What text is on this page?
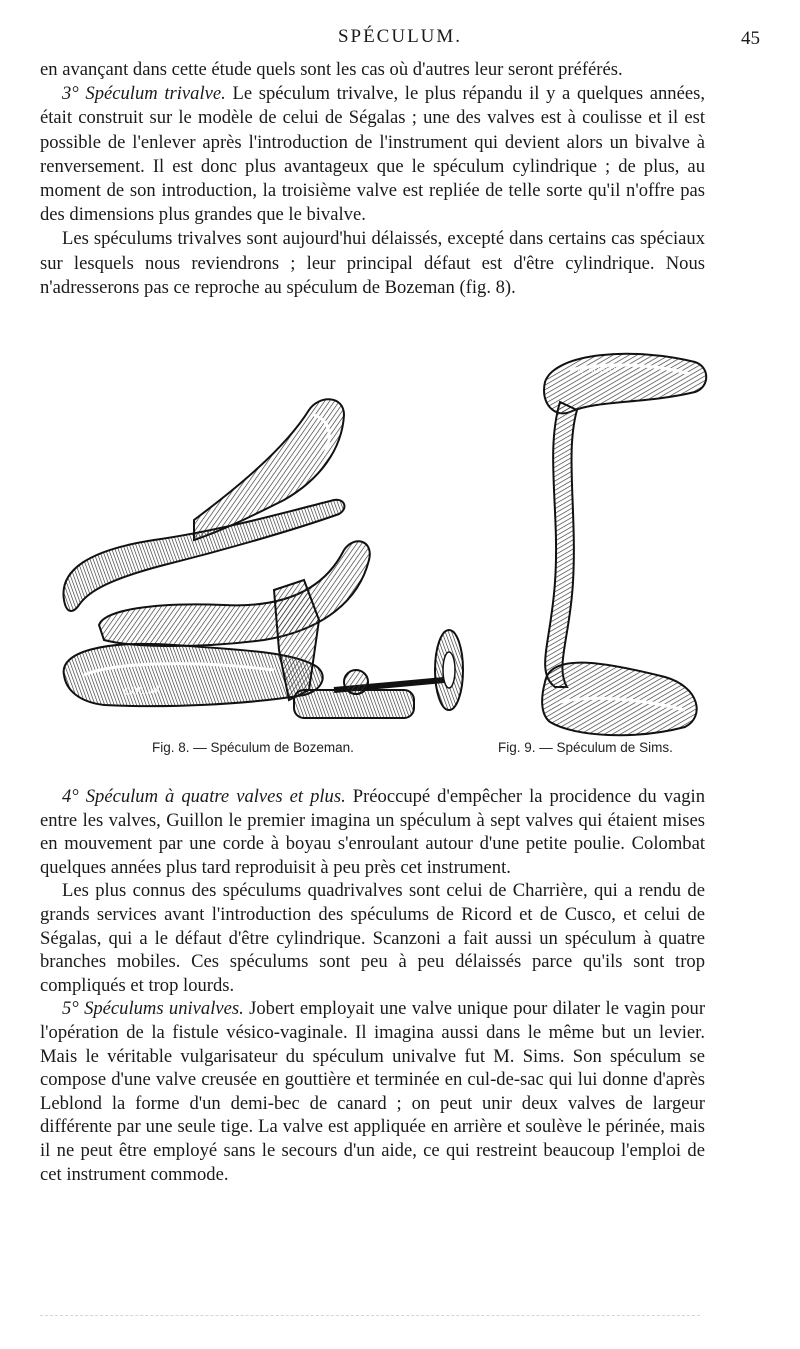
SPÉCULUM.	45

en avançant dans cette étude quels sont les cas où d'autres leur seront préférés.

3° Spéculum trivalve. Le spéculum trivalve, le plus répandu il y a quelques années, était construit sur le modèle de celui de Ségalas ; une des valves est à coulisse et il est possible de l'enlever après l'introduction de l'instrument qui devient alors un bivalve à renversement. Il est donc plus avantageux que le spéculum cylindrique ; de plus, au moment de son introduction, la troisième valve est repliée de telle sorte qu'il n'offre pas des dimensions plus grandes que le bivalve.

Les spéculums trivalves sont aujourd'hui délaissés, excepté dans certains cas spéciaux sur lesquels nous reviendrons ; leur principal défaut est d'être cylindrique. Nous n'adresserons pas ce reproche au spéculum de Bozeman (fig. 8).

COLLIN
Fig. 8. — Spéculum de Bozeman.
A. AUBRY
Fig. 9. — Spéculum de Sims.

4° Spéculum à quatre valves et plus. Préoccupé d'empêcher la procidence du vagin entre les valves, Guillon le premier imagina un spéculum à sept valves qui étaient mises en mouvement par une corde à boyau s'enroulant autour d'une petite poulie. Colombat quelques années plus tard reproduisit à peu près cet instrument.

Les plus connus des spéculums quadrivalves sont celui de Charrière, qui a rendu de grands services avant l'introduction des spéculums de Ricord et de Cusco, et celui de Ségalas, qui a le défaut d'être cylindrique. Scanzoni a fait aussi un spéculum à quatre branches mobiles. Ces spéculums sont peu à peu délaissés parce qu'ils sont trop compliqués et trop lourds.

5° Spéculums univalves. Jobert employait une valve unique pour dilater le vagin pour l'opération de la fistule vésico-vaginale. Il imagina aussi dans le même but un levier. Mais le véritable vulgarisateur du spéculum univalve fut M. Sims. Son spéculum se compose d'une valve creusée en gouttière et terminée en cul-de-sac qui lui donne d'après Leblond la forme d'un demi-bec de canard ; on peut unir deux valves de largeur différente par une seule tige. La valve est appliquée en arrière et soulève le périnée, mais il ne peut être employé sans le secours d'un aide, ce qui restreint beaucoup l'emploi de cet instrument commode.
